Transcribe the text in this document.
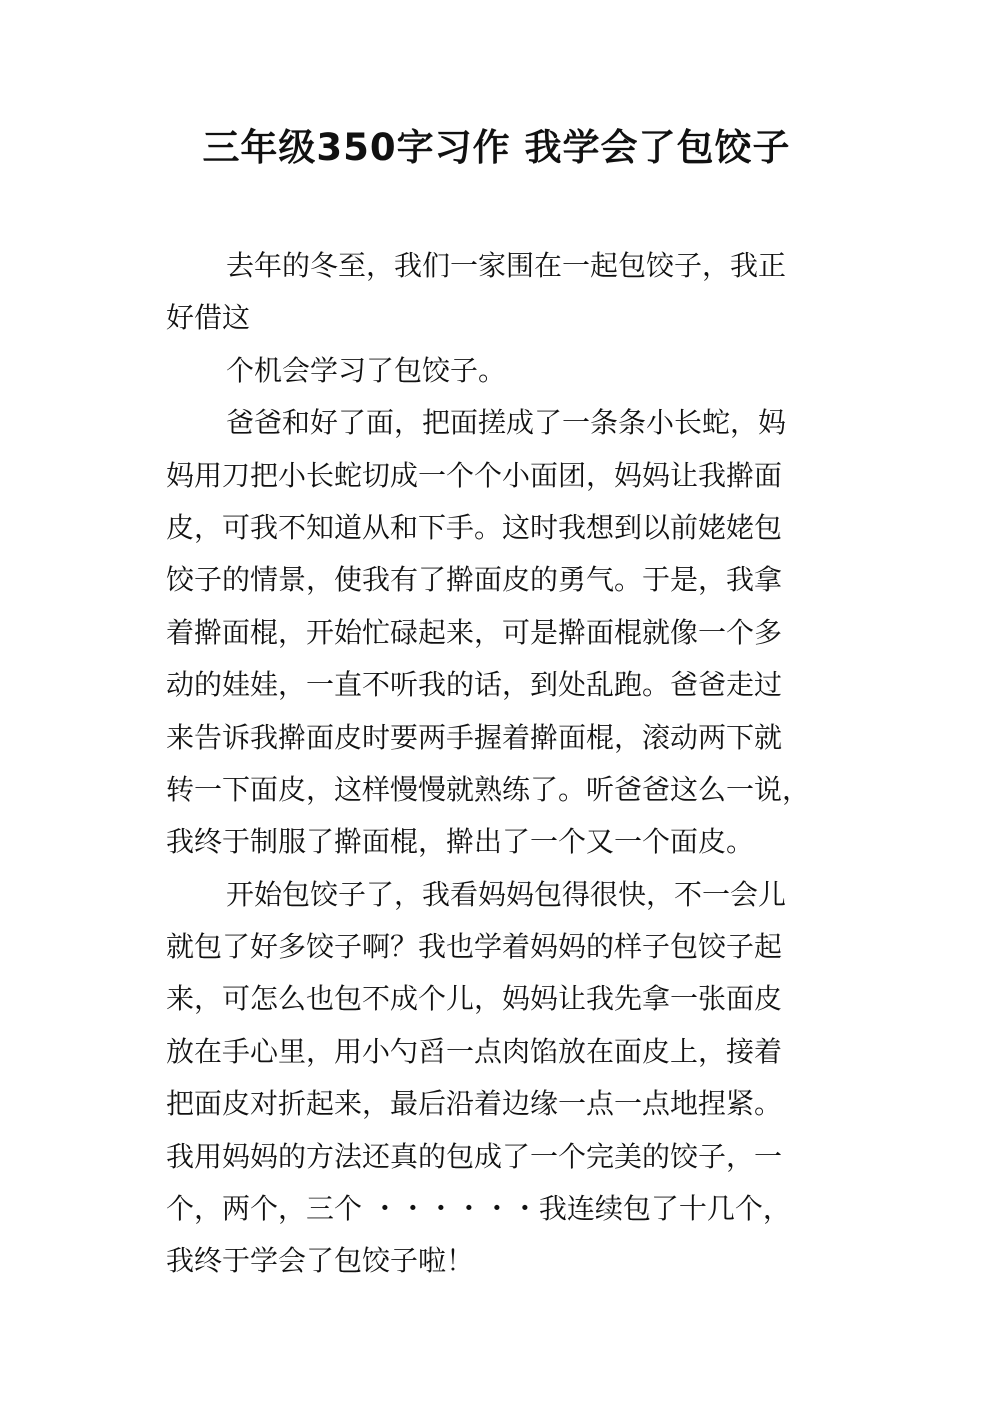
三年级350字习作 我学会了包饺子

去年的冬至，我们一家围在一起包饺子，我正

好借这

个机会学习了包饺子。

爸爸和好了面，把面搓成了一条条小长蛇，妈

妈用刀把小长蛇切成一个个小面团，妈妈让我擀面

皮，可我不知道从和下手。这时我想到以前姥姥包

饺子的情景，使我有了擀面皮的勇气。于是，我拿

着擀面棍，开始忙碌起来，可是擀面棍就像一个多

动的娃娃，一直不听我的话，到处乱跑。爸爸走过

来告诉我擀面皮时要两手握着擀面棍，滚动两下就

转一下面皮，这样慢慢就熟练了。听爸爸这么一说，

我终于制服了擀面棍，擀出了一个又一个面皮。

开始包饺子了，我看妈妈包得很快，不一会儿

就包了好多饺子啊？我也学着妈妈的样子包饺子起

来，可怎么也包不成个儿，妈妈让我先拿一张面皮

放在手心里，用小勺舀一点肉馅放在面皮上，接着

把面皮对折起来，最后沿着边缘一点一点地捏紧。

我用妈妈的方法还真的包成了一个完美的饺子，一

个，两个，三个 ・・・・・・我连续包了十几个，

我终于学会了包饺子啦！
